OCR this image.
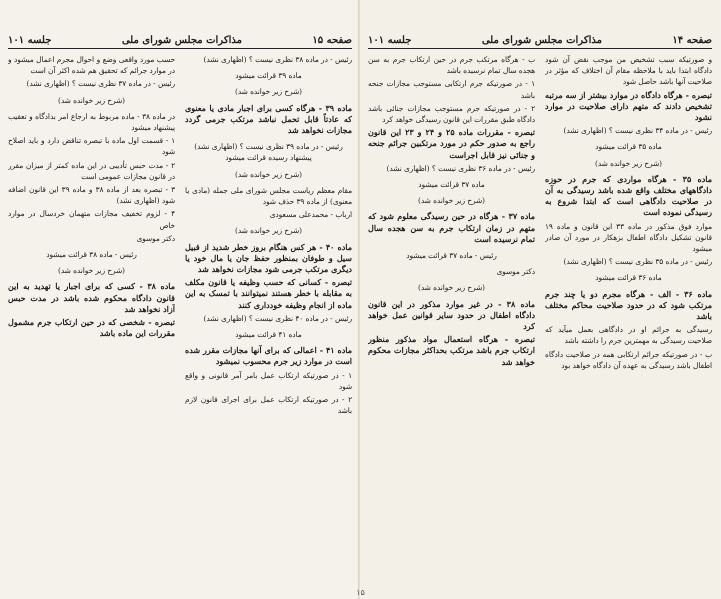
صفحه ۱۵
مذاکرات مجلس شورای ملی
جلسه ۱۰۱

رئیس - در ماده ۳۸ نظری نیست ؟ (اظهاری نشد)

ماده ۳۹ قرائت میشود

(شرح زیر خوانده شد)

ماده ۳۹ - هرگاه کسی برای اجبار مادی یا معنوی که عادتاً قابل تحمل نباشد مرتکب جرمی گردد مجازات نخواهد شد

رئیس - در ماده ۳۹ نظری نیست ؟ (اظهاری نشد) پیشنهاد رسیده قرائت میشود

(شرح زیر خوانده شد)

مقام معظم ریاست مجلس شورای ملی جمله (مادی یا معنوی) از ماده ۳۹ حذف شود

ارباب - محمدعلی مسعودی

(شرح زیر خوانده شد)

ماده ۴۰ - هر کس هنگام بروز خطر شدید از قبیل سیل و طوفان بمنظور حفظ جان یا مال خود یا دیگری مرتکب جرمی شود مجازات نخواهد شد

تبصره - کسانی که حسب وظیفه یا قانون مکلف به مقابله با خطر هستند نمیتوانند با تمسک به این ماده از انجام وظیفه خودداری کنند

رئیس - در ماده ۴۰ نظری نیست ؟ (اظهاری نشد)

ماده ۴۱ قرائت میشود

ماده ۴۱ - اعمالی که برای آنها مجازات مقرر شده است در موارد زیر جرم محسوب نمیشود

۱ - در صورتیکه ارتکاب عمل بامر آمر قانونی و واقع شود

۲ - در صورتیکه ارتکاب عمل برای اجرای قانون لازم باشد

حسب مورد واقعی وضع و احوال مجرم اعمال میشود و در موارد جرائم که تحقیق هم شده اکثر آن است

رئیس - در ماده ۳۷ نظری نیست ؟ (اظهاری نشد)

(شرح زیر خوانده شد)

در ماده ۳۸ - ماده مربوط به ارجاع امر بدادگاه و تعقیب پیشنهاد میشود

۱ - قسمت اول ماده با تبصره تناقض دارد و باید اصلاح شود

۲ - مدت حبس تأدیبی در این ماده کمتر از میزان مقرر در قانون مجازات عمومی است

۳ - تبصره بعد از ماده ۳۸ و ماده ۳۹ این قانون اضافه شود (اظهاری نشد)

۴ - لزوم تخفیف مجازات متهمان خردسال در موارد خاص

دکتر موسوی

رئیس - ماده ۳۸ قرائت میشود

(شرح زیر خوانده شد)

ماده ۳۸ - کسی که برای اجبار یا تهدید به این قانون دادگاه محکوم شده باشد در مدت حبس آزاد نخواهد شد

تبصره - شخصی که در حین ارتکاب جرم مشمول مقررات این ماده باشد

صفحه ۱۴
مذاکرات مجلس شورای ملی
جلسه ۱۰۱

و صورتیکه سبب تشخیص من موجب نقض آن شود دادگاه ابتدا باید با ملاحظه مقام آن اختلاف که مؤثر در صلاحیت آنها باشد حاصل شود

تبصره - هرگاه دادگاه در موارد بیشتر از سه مرتبه تشخیص دادند که متهم دارای صلاحیت در موارد نشود

رئیس - در ماده ۳۴ نظری نیست ؟ (اظهاری نشد)

ماده ۳۵ قرائت میشود

(شرح زیر خوانده شد)

ماده ۳۵ - هرگاه مواردی که جرم در حوزه دادگاههای مختلف واقع شده باشد رسیدگی به آن در صلاحیت دادگاهی است که ابتدا شروع به رسیدگی نموده است

موارد فوق مذکور در ماده ۳۳ این قانون و ماده ۱۹ قانون تشکیل دادگاه اطفال بزهکار در مورد آن صادر میشود

رئیس - در ماده ۳۵ نظری نیست ؟ (اظهاری نشد)

ماده ۳۶ قرائت میشود

ماده ۳۶ - الف - هرگاه مجرم دو یا چند جرم مرتکب شود که در حدود صلاحیت محاکم مختلف باشد

رسیدگی به جرائم او در دادگاهی بعمل میآید که صلاحیت رسیدگی به مهمترین جرم را داشته باشد

ب - در صورتیکه جرائم ارتکابی همه در صلاحیت دادگاه اطفال باشد رسیدگی به عهده آن دادگاه خواهد بود

ب - هرگاه مرتکب جرم در حین ارتکاب جرم به سن هجده سال تمام نرسیده باشد

۱ - در صورتیکه جرم ارتکابی مستوجب مجازات جنحه باشد

۲ - در صورتیکه جرم مستوجب مجازات جنائی باشد دادگاه طبق مقررات این قانون رسیدگی خواهد کرد

تبصره - مقررات ماده ۲۵ و ۲۴ و ۲۳ این قانون راجع به صدور حکم در مورد مرتکبین جرائم جنحه و جنائی نیز قابل اجراست

رئیس - در ماده ۳۶ نظری نیست ؟ (اظهاری نشد)

ماده ۳۷ قرائت میشود

(شرح زیر خوانده شد)

ماده ۳۷ - هرگاه در حین رسیدگی معلوم شود که متهم در زمان ارتکاب جرم به سن هجده سال تمام نرسیده است

رئیس - ماده ۳۷ قرائت میشود

دکتر موسوی

(شرح زیر خوانده شد)

ماده ۳۸ - در غیر موارد مذکور در این قانون دادگاه اطفال در حدود سایر قوانین عمل خواهد کرد

تبصره - هرگاه استعمال مواد مذکور منظور ارتکاب جرم باشد مرتکب بحداکثر مجازات محکوم خواهد شد

۱۵
